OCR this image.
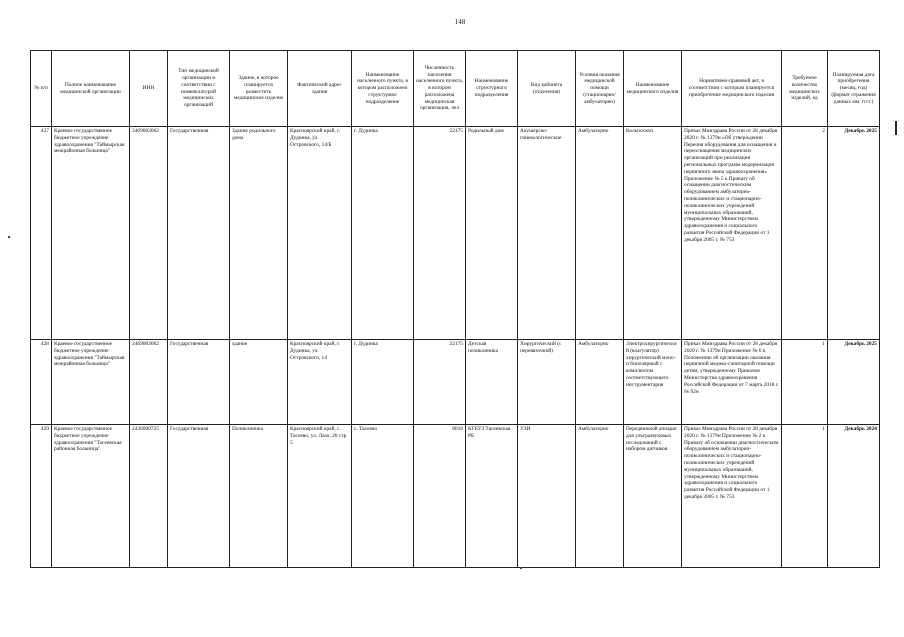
148
№ п/п	Полное наименование медицинской организации	ИНН	Тип медицинской организации в соответствии с номенклатурой медицинских организаций	Здание, в которое планируется разместить медицинское изделие	Фактический адрес здания	Наименование населенного пункта, в котором расположено структурное подразделение	Численность населения населенного пункта, в котором расположена медицинская организация, чел	Наименование структурного подразделения	Вид кабинета (отделения)	Условия оказания медицинской помощи (стационарно/ амбулаторно)	Наименование медицинского изделия	Нормативно-правовой акт, в соответствии с которым планируется приобретение медицинского изделия	Требуемое количество медицинских изделий, ед	Планируемая дата приобретения (месяц, год) (формат отражения данных мм. гггг.)
427	Краевое государственное бюджетное учреждение здравоохранения "Таймырская межрайонная больница"	2469003062	Государственная	Здание родильного дома	Красноярский край, г. Дудинка, ул. Островского, 14/Б	г. Дудинка	22175	Родильный дом	Акушерско-гинекологические	Амбулаторно	Кольпоскоп	Приказ Минздрава России от 28 декабря 2020 г. № 1379н «Об утверждении Перечня оборудования для оснащения и переоснащения медицинских организаций при реализации региональных программ модернизации первичного звена здравоохранения» Приложение № 5 к Приказу об оснащении диагностическим оборудованием амбулаторно-поликлинических и стационарно-поликлинических учреждений муниципальных образований, утвержденному Министерством здравоохранения и социального развития Российской Федерации от 1 декабря 2005 г. № 753	2	Декабрь 2025
428	Краевое государственное бюджетное учреждение здравоохранения "Таймырская межрайонная больница"	2469003062	Государственная	здание	Красноярский край, г. Дудинка, ул. Островского, 14	г. Дудинка	22175	Детская поликлиника	Хирургический (с перевязочной)	Амбулаторно	Электрохирургический (коагулятор) хирургический моно- и биполярный с комплектом соответствующего инструментария	Приказ Минздрава России от 28 декабря 2020 г. № 1379н Приложение № 6 к Положению об организации оказания первичной медико-санитарной помощи детям, утвержденному Приказом Министерства здравоохранения Российской Федерации от 7 марта 2018 г. № 92н	1	Декабрь 2025
429	Краевое государственное бюджетное учреждение здравоохранения "Тасеевская районная больница"	2436000725	Государственная	Поликлиника	Красноярский край, с. Тасеево, ул. Лазо, 20 стр 5	с. Тасеево	8018	КГБУЗ Тасеевская РБ	УЗИ	Амбулаторно	Передвижной аппарат для ультразвуковых исследований с набором датчиков	Приказ Минздрава России от 28 декабря 2020 г. № 1379н Приложение № 2 к Приказу об оснащении диагностическим оборудованием амбулаторно-поликлинических и стационарно-поликлинических учреждений муниципальных образований, утвержденному Министерством здравоохранения и социального развития Российской Федерации от 1 декабря 2005 г. № 753	1	Декабрь 2024
